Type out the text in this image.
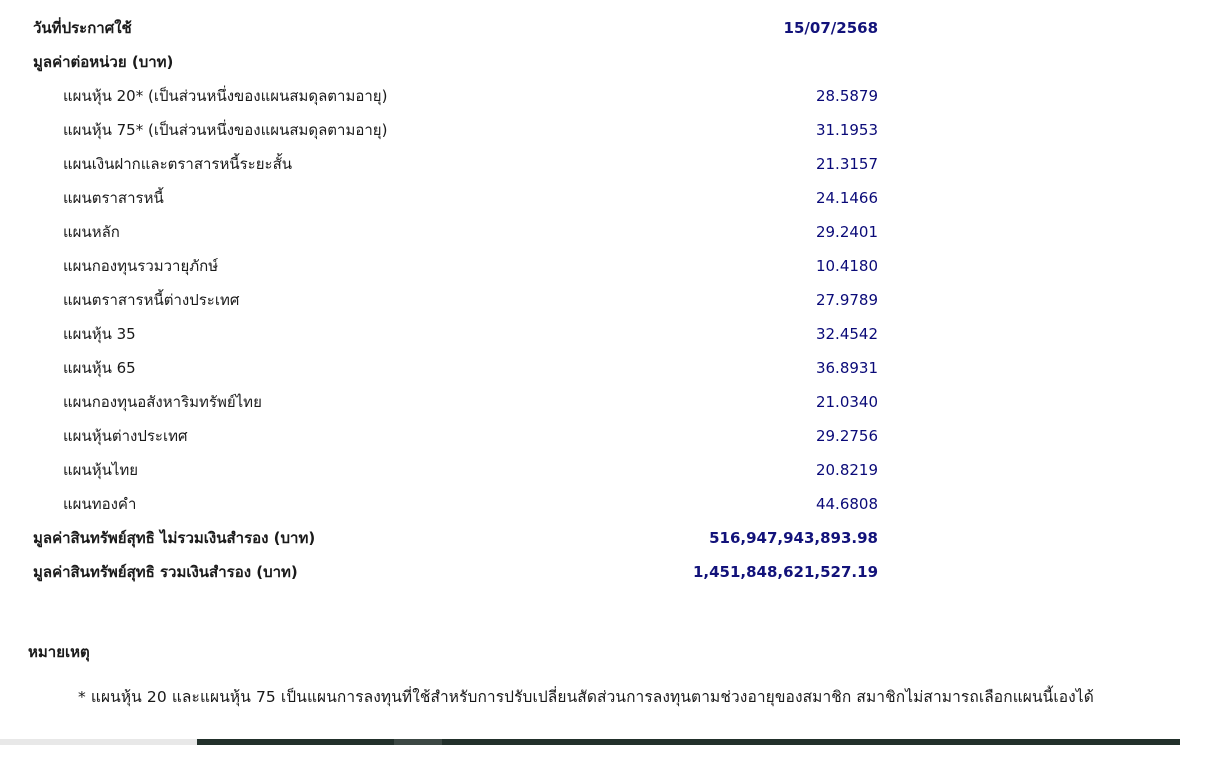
วันที่ประกาศใช้	15/07/2568
มูลค่าต่อหน่วย (บาท)	
แผนหุ้น 20* (เป็นส่วนหนึ่งของแผนสมดุลตามอายุ)	28.5879
แผนหุ้น 75* (เป็นส่วนหนึ่งของแผนสมดุลตามอายุ)	31.1953
แผนเงินฝากและตราสารหนี้ระยะสั้น	21.3157
แผนตราสารหนี้	24.1466
แผนหลัก	29.2401
แผนกองทุนรวมวายุภักษ์	10.4180
แผนตราสารหนี้ต่างประเทศ	27.9789
แผนหุ้น 35	32.4542
แผนหุ้น 65	36.8931
แผนกองทุนอสังหาริมทรัพย์ไทย	21.0340
แผนหุ้นต่างประเทศ	29.2756
แผนหุ้นไทย	20.8219
แผนทองคำ	44.6808
มูลค่าสินทรัพย์สุทธิ ไม่รวมเงินสำรอง (บาท)	516,947,943,893.98
มูลค่าสินทรัพย์สุทธิ รวมเงินสำรอง (บาท)	1,451,848,621,527.19

หมายเหตุ

* แผนหุ้น 20 และแผนหุ้น 75 เป็นแผนการลงทุนที่ใช้สำหรับการปรับเปลี่ยนสัดส่วนการลงทุนตามช่วงอายุของสมาชิก สมาชิกไม่สามารถเลือกแผนนี้เองได้
